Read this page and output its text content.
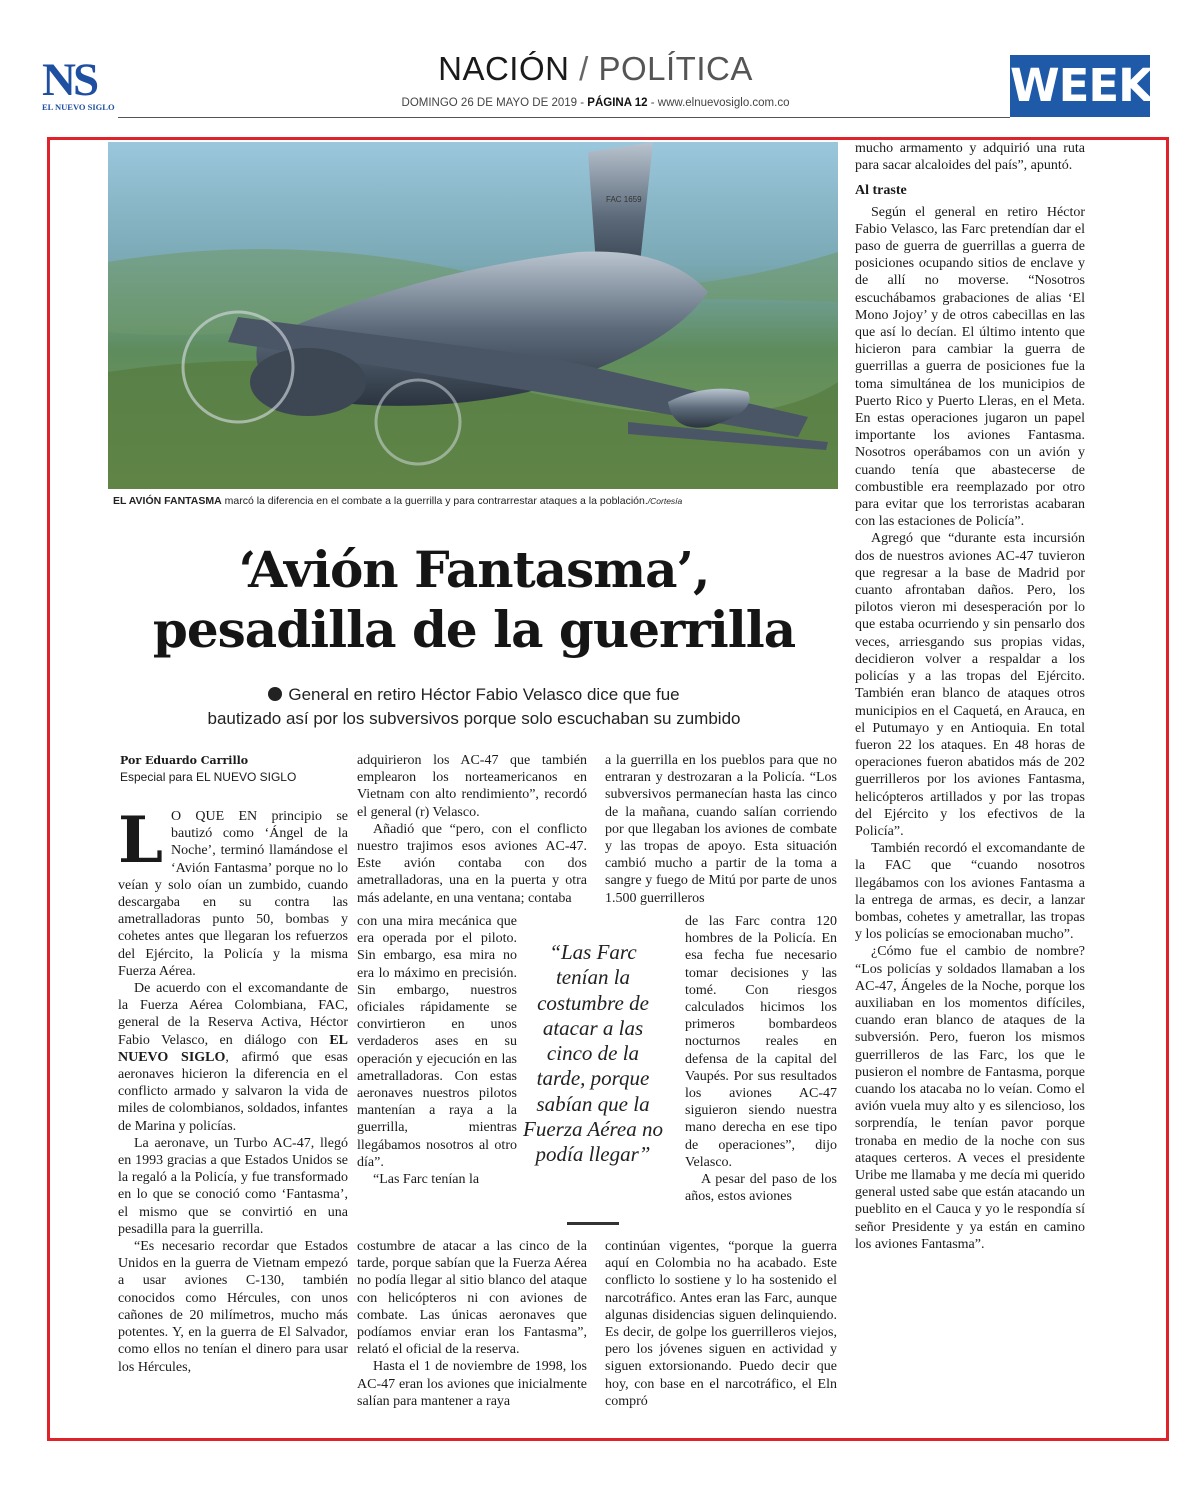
NS
EL NUEVO SIGLO
NACIÓN / POLÍTICA
DOMINGO 26 DE MAYO DE 2019 - PÁGINA 12 - www.elnuevosiglo.com.co	WEEK
FAC 1659
EL AVIÓN FANTASMA marcó la diferencia en el combate a la guerrilla y para contrarrestar ataques a la población./Cortesía
‘Avión Fantasma’,
pesadilla de la guerrilla
General en retiro Héctor Fabio Velasco dice que fue
bautizado así por los subversivos porque solo escuchaban su zumbido
Por Eduardo Carrillo
Especial para EL NUEVO SIGLO

L O QUE EN principio se bautizó como ‘Ángel de la Noche’, terminó llamándose el ‘Avión Fantasma’ porque no lo veían y solo oían un zumbido, cuando descargaba en su contra las ametralladoras punto 50, bombas y cohetes antes que llegaran los refuerzos del Ejército, la Policía y la misma Fuerza Aérea.

De acuerdo con el excomandante de la Fuerza Aérea Colombiana, FAC, general de la Reserva Activa, Héctor Fabio Velasco, en diálogo con EL NUEVO SIGLO, afirmó que esas aeronaves hicieron la diferencia en el conflicto armado y salvaron la vida de miles de colombianos, soldados, infantes de Marina y policías.

La aeronave, un Turbo AC-47, llegó en 1993 gracias a que Estados Unidos se la regaló a la Policía, y fue transformado en lo que se conoció como ‘Fantasma’, el mismo que se convirtió en una pesadilla para la guerrilla.

“Es necesario recordar que Estados Unidos en la guerra de Vietnam empezó a usar aviones C-130, también conocidos como Hércules, con unos cañones de 20 milímetros, mucho más potentes. Y, en la guerra de El Salvador, como ellos no tenían el dinero para usar los Hércules,

adquirieron los AC-47 que también emplearon los norteamericanos en Vietnam con alto rendimiento”, recordó el general (r) Velasco.

Añadió que “pero, con el conflicto nuestro trajimos esos aviones AC-47. Este avión contaba con dos ametralladoras, una en la puerta y otra más adelante, en una ventana; contaba

con una mira mecánica que era operada por el piloto. Sin embargo, esa mira no era lo máximo en precisión. Sin embargo, nuestros oficiales rápidamente se convirtieron en unos verdaderos ases en su operación y ejecución en las ametralladoras. Con estas aeronaves nuestros pilotos mantenían a raya a la guerrilla, mientras llegábamos nosotros al otro día”.

“Las Farc tenían la

costumbre de atacar a las cinco de la tarde, porque sabían que la Fuerza Aérea no podía llegar al sitio blanco del ataque con helicópteros ni con aviones de combate. Las únicas aeronaves que podíamos enviar eran los Fantasma”, relató el oficial de la reserva.

Hasta el 1 de noviembre de 1998, los AC-47 eran los aviones que inicialmente salían para mantener a raya

“Las Farc tenían la costumbre de atacar a las cinco de la tarde, porque sabían que la Fuerza Aérea no podía llegar”

a la guerrilla en los pueblos para que no entraran y destrozaran a la Policía. “Los subversivos permanecían hasta las cinco de la mañana, cuando salían corriendo por que llegaban los aviones de combate y las tropas de apoyo. Esta situación cambió mucho a partir de la toma a sangre y fuego de Mitú por parte de unos 1.500 guerrilleros

de las Farc contra 120 hombres de la Policía. En esa fecha fue necesario tomar decisiones y las tomé. Con riesgos calculados hicimos los primeros bombardeos nocturnos reales en defensa de la capital del Vaupés. Por sus resultados los aviones AC-47 siguieron siendo nuestra mano derecha en ese tipo de operaciones”, dijo Velasco.

A pesar del paso de los años, estos aviones

continúan vigentes, “porque la guerra aquí en Colombia no ha acabado. Este conflicto lo sostiene y lo ha sostenido el narcotráfico. Antes eran las Farc, aunque algunas disidencias siguen delinquiendo. Es decir, de golpe los guerrilleros viejos, pero los jóvenes siguen en actividad y siguen extorsionando. Puedo decir que hoy, con base en el narcotráfico, el Eln compró

mucho armamento y adquirió una ruta para sacar alcaloides del país”, apuntó.

Al traste

Según el general en retiro Héctor Fabio Velasco, las Farc pretendían dar el paso de guerra de guerrillas a guerra de posiciones ocupando sitios de enclave y de allí no moverse. “Nosotros escuchábamos grabaciones de alias ‘El Mono Jojoy’ y de otros cabecillas en las que así lo decían. El último intento que hicieron para cambiar la guerra de guerrillas a guerra de posiciones fue la toma simultánea de los municipios de Puerto Rico y Puerto Lleras, en el Meta. En estas operaciones jugaron un papel importante los aviones Fantasma. Nosotros operábamos con un avión y cuando tenía que abastecerse de combustible era reemplazado por otro para evitar que los terroristas acabaran con las estaciones de Policía”.

Agregó que “durante esta incursión dos de nuestros aviones AC-47 tuvieron que regresar a la base de Madrid por cuanto afrontaban daños. Pero, los pilotos vieron mi desesperación por lo que estaba ocurriendo y sin pensarlo dos veces, arriesgando sus propias vidas, decidieron volver a respaldar a los policías y a las tropas del Ejército. También eran blanco de ataques otros municipios en el Caquetá, en Arauca, en el Putumayo y en Antioquia. En total fueron 22 los ataques. En 48 horas de operaciones fueron abatidos más de 202 guerrilleros por los aviones Fantasma, helicópteros artillados y por las tropas del Ejército y los efectivos de la Policía”.

También recordó el excomandante de la FAC que “cuando nosotros llegábamos con los aviones Fantasma a la entrega de armas, es decir, a lanzar bombas, cohetes y ametrallar, las tropas y los policías se emocionaban mucho”.

¿Cómo fue el cambio de nombre? “Los policías y soldados llamaban a los AC-47, Ángeles de la Noche, porque los auxiliaban en los momentos difíciles, cuando eran blanco de ataques de la subversión. Pero, fueron los mismos guerrilleros de las Farc, los que le pusieron el nombre de Fantasma, porque cuando los atacaba no lo veían. Como el avión vuela muy alto y es silencioso, los sorprendía, le tenían pavor porque tronaba en medio de la noche con sus ataques certeros. A veces el presidente Uribe me llamaba y me decía mi querido general usted sabe que están atacando un pueblito en el Cauca y yo le respondía sí señor Presidente y ya están en camino los aviones Fantasma”.
